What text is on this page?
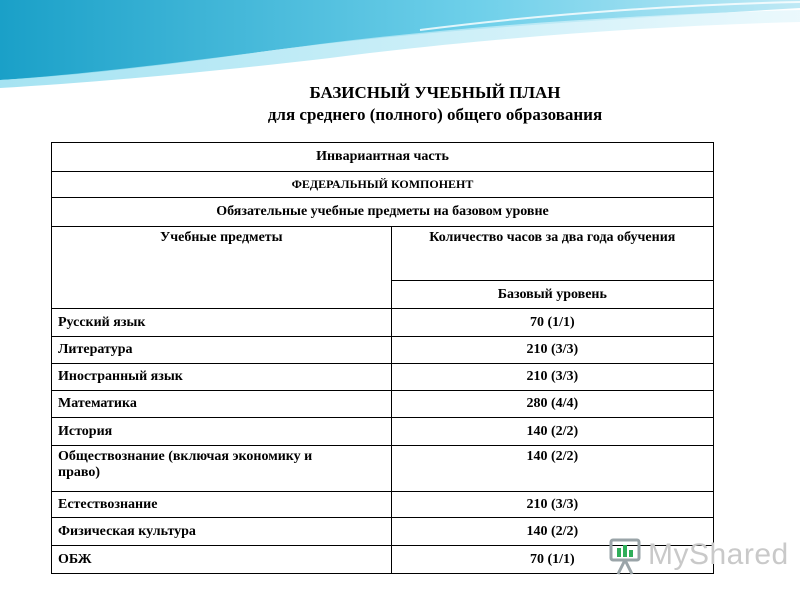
БАЗИСНЫЙ УЧЕБНЫЙ ПЛАН
для среднего (полного) общего образования
Инвариантная часть	
ФЕДЕРАЛЬНЫЙ КОМПОНЕНТ	
Обязательные учебные предметы на базовом уровне	
Учебные предметы	Количество часов за два года обучения
	Базовый уровень
Русский язык	70 (1/1)
Литература	210 (3/3)
Иностранный язык	210 (3/3)
Математика	280 (4/4)
История	140 (2/2)
Обществознание (включая экономику и право)	140 (2/2)
Естествознание	210 (3/3)
Физическая культура	140 (2/2)
ОБЖ	70 (1/1) MyShared
